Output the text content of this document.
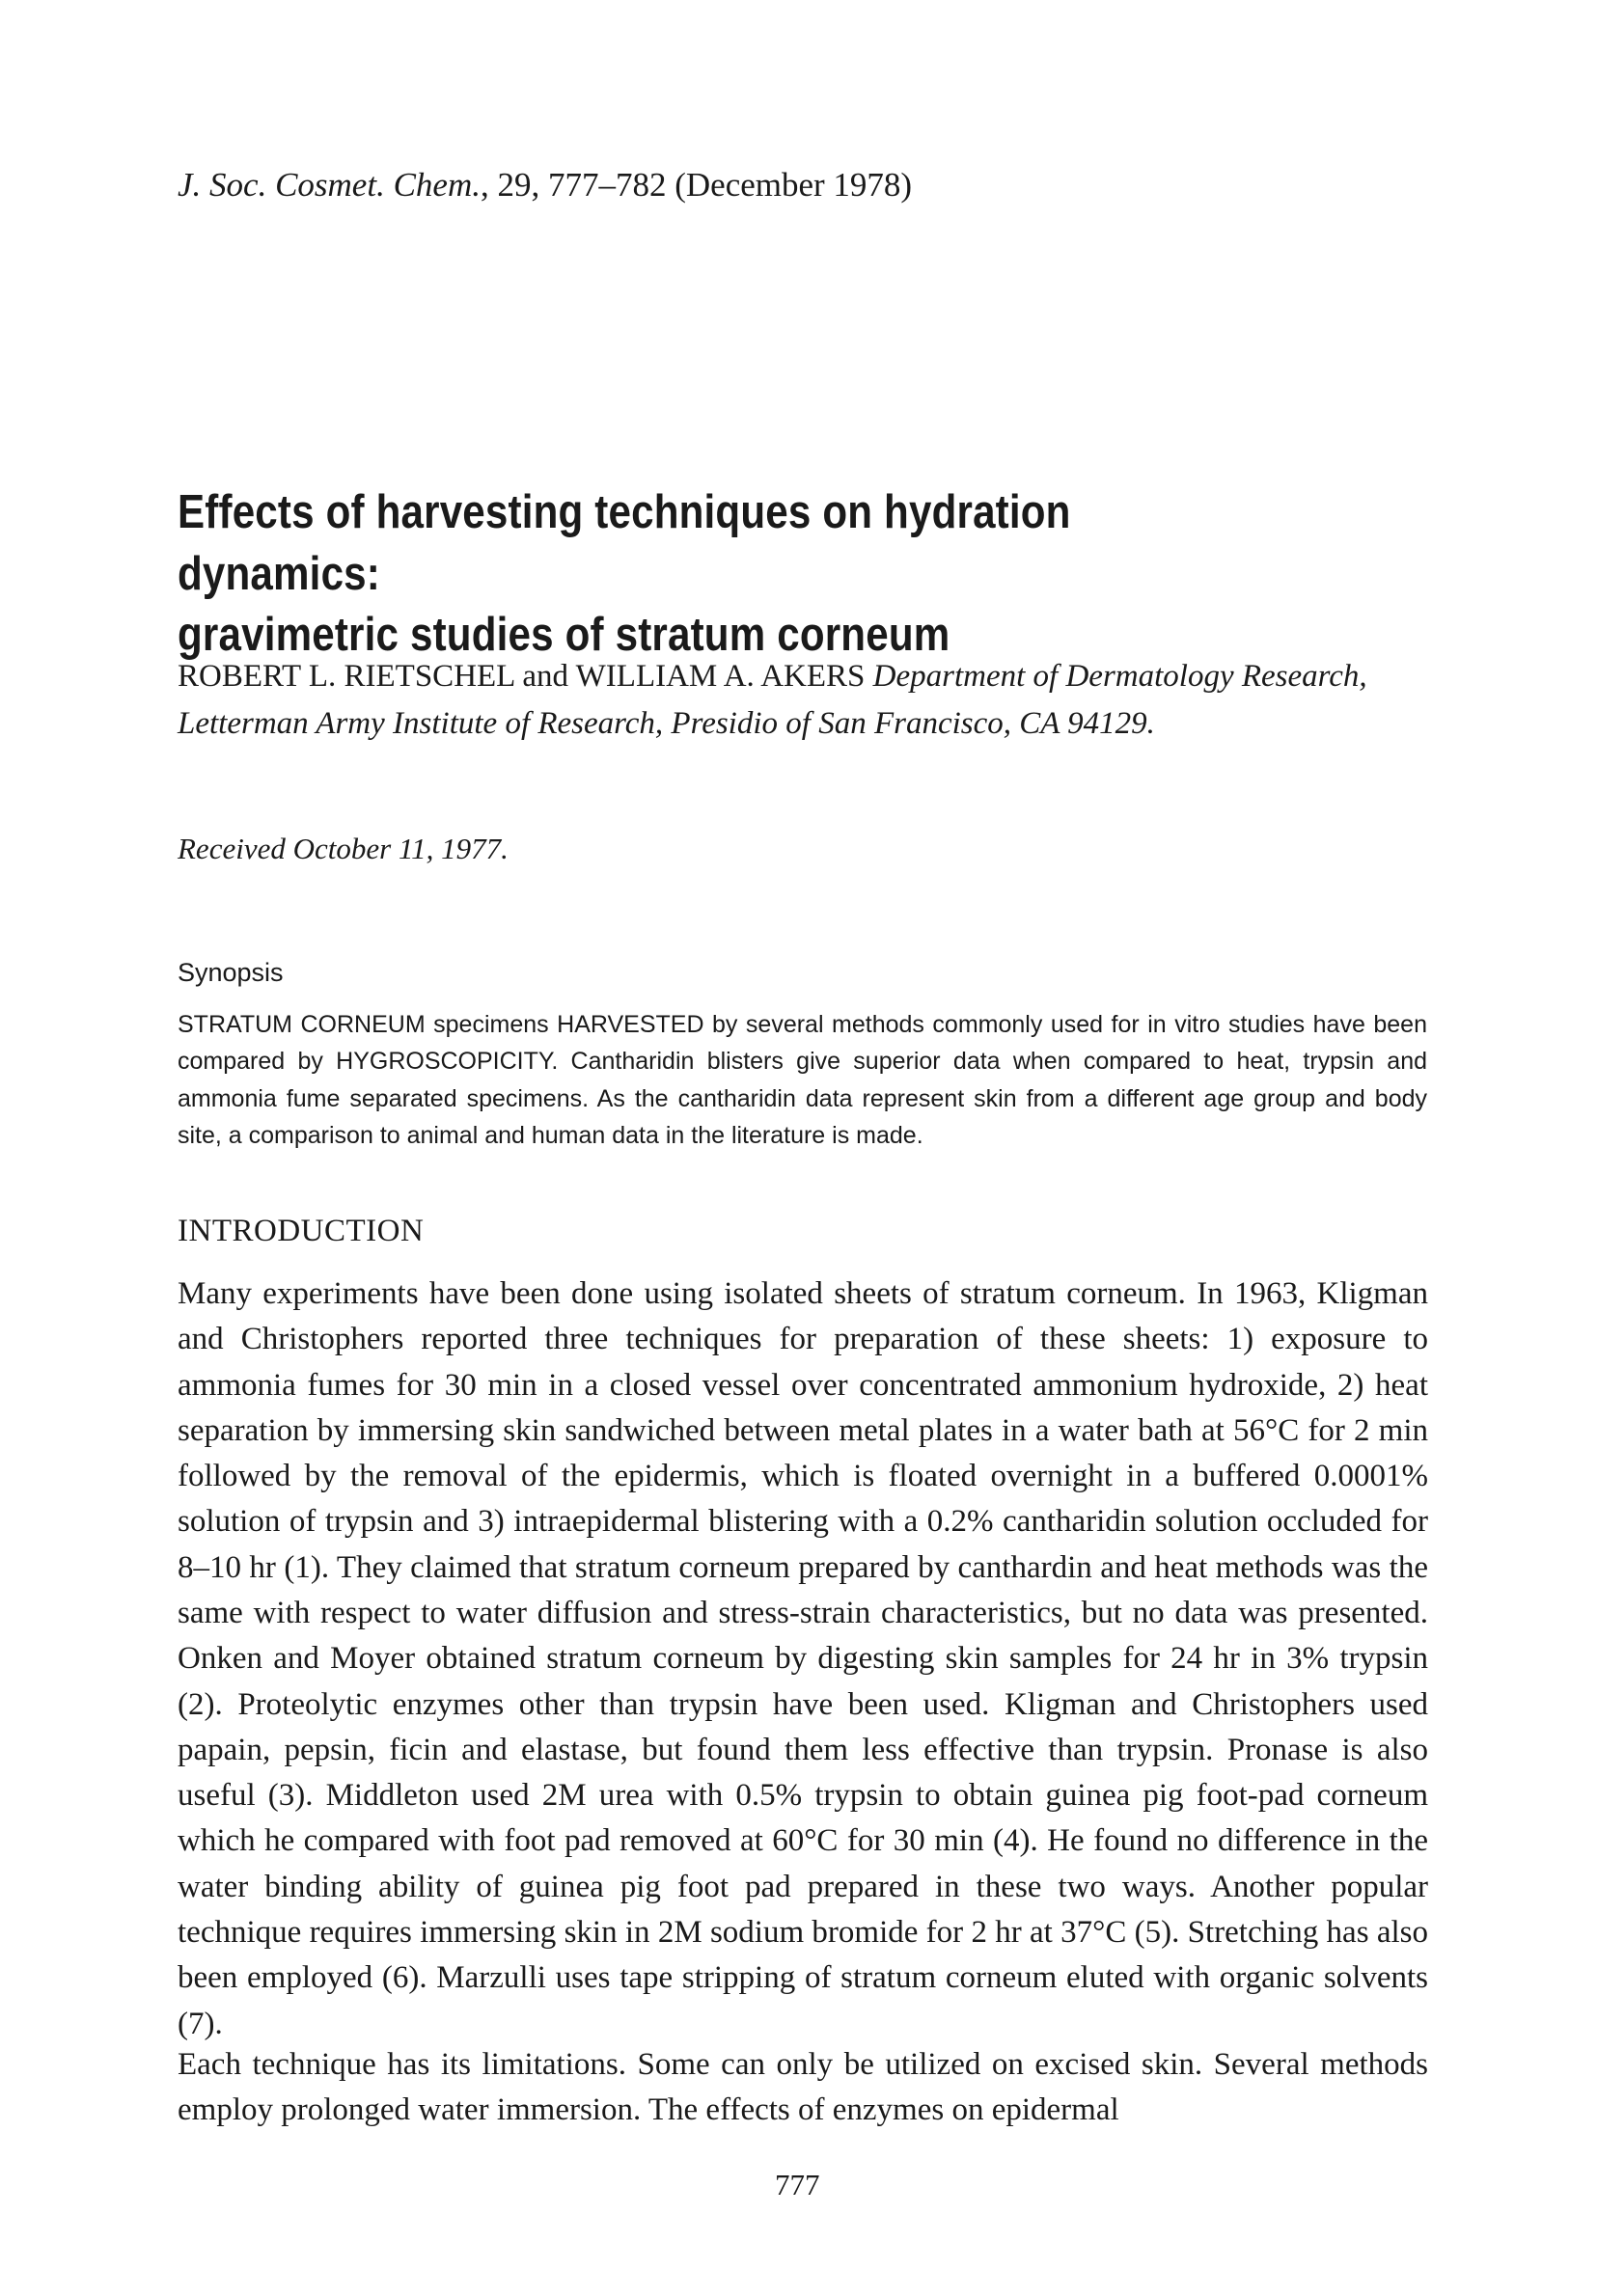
J. Soc. Cosmet. Chem., 29, 777–782 (December 1978)
Effects of harvesting techniques on hydration dynamics:
gravimetric studies of stratum corneum
ROBERT L. RIETSCHEL and WILLIAM A. AKERS Department of Dermatology Research, Letterman Army Institute of Research, Presidio of San Francisco, CA 94129.
Received October 11, 1977.
Synopsis
STRATUM CORNEUM specimens HARVESTED by several methods commonly used for in vitro studies have been compared by HYGROSCOPICITY. Cantharidin blisters give superior data when compared to heat, trypsin and ammonia fume separated specimens. As the cantharidin data represent skin from a different age group and body site, a comparison to animal and human data in the literature is made.
INTRODUCTION
Many experiments have been done using isolated sheets of stratum corneum. In 1963, Kligman and Christophers reported three techniques for preparation of these sheets: 1) exposure to ammonia fumes for 30 min in a closed vessel over concentrated ammonium hydroxide, 2) heat separation by immersing skin sandwiched between metal plates in a water bath at 56°C for 2 min followed by the removal of the epidermis, which is floated overnight in a buffered 0.0001% solution of trypsin and 3) intraepidermal blistering with a 0.2% cantharidin solution occluded for 8–10 hr (1). They claimed that stratum corneum prepared by canthardin and heat methods was the same with respect to water diffusion and stress-strain characteristics, but no data was presented. Onken and Moyer obtained stratum corneum by digesting skin samples for 24 hr in 3% trypsin (2). Proteolytic enzymes other than trypsin have been used. Kligman and Christophers used papain, pepsin, ficin and elastase, but found them less effective than trypsin. Pronase is also useful (3). Middleton used 2M urea with 0.5% trypsin to obtain guinea pig foot-pad corneum which he compared with foot pad removed at 60°C for 30 min (4). He found no difference in the water binding ability of guinea pig foot pad prepared in these two ways. Another popular technique requires immersing skin in 2M sodium bromide for 2 hr at 37°C (5). Stretching has also been employed (6). Marzulli uses tape stripping of stratum corneum eluted with organic solvents (7).
Each technique has its limitations. Some can only be utilized on excised skin. Several methods employ prolonged water immersion. The effects of enzymes on epidermal
777
